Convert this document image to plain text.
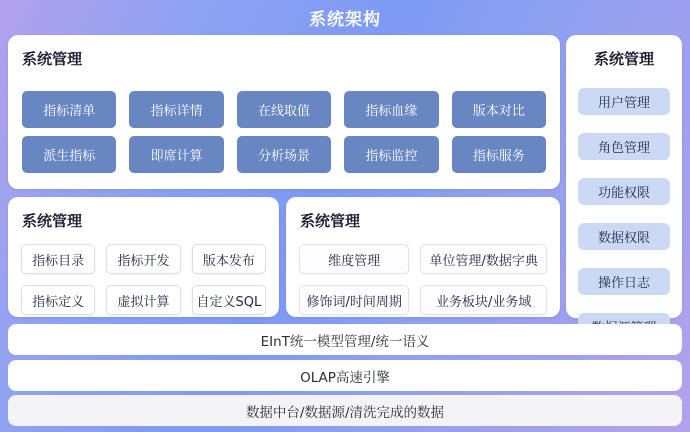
系统架构
系统管理
指标清单	指标详情	在线取值	指标血缘	版本对比
派生指标	即席计算	分析场景	指标监控	指标服务
系统管理
指标目录	指标开发	版本发布
指标定义	虚拟计算	自定义SQL
系统管理
维度管理	单位管理/数据字典
修饰词/时间周期	业务板块/业务域
系统管理
用户管理
角色管理
功能权限
数据权限
操作日志
EInT统一模型管理/统一语义
OLAP高速引擎
数据中台/数据源/清洗完成的数据
